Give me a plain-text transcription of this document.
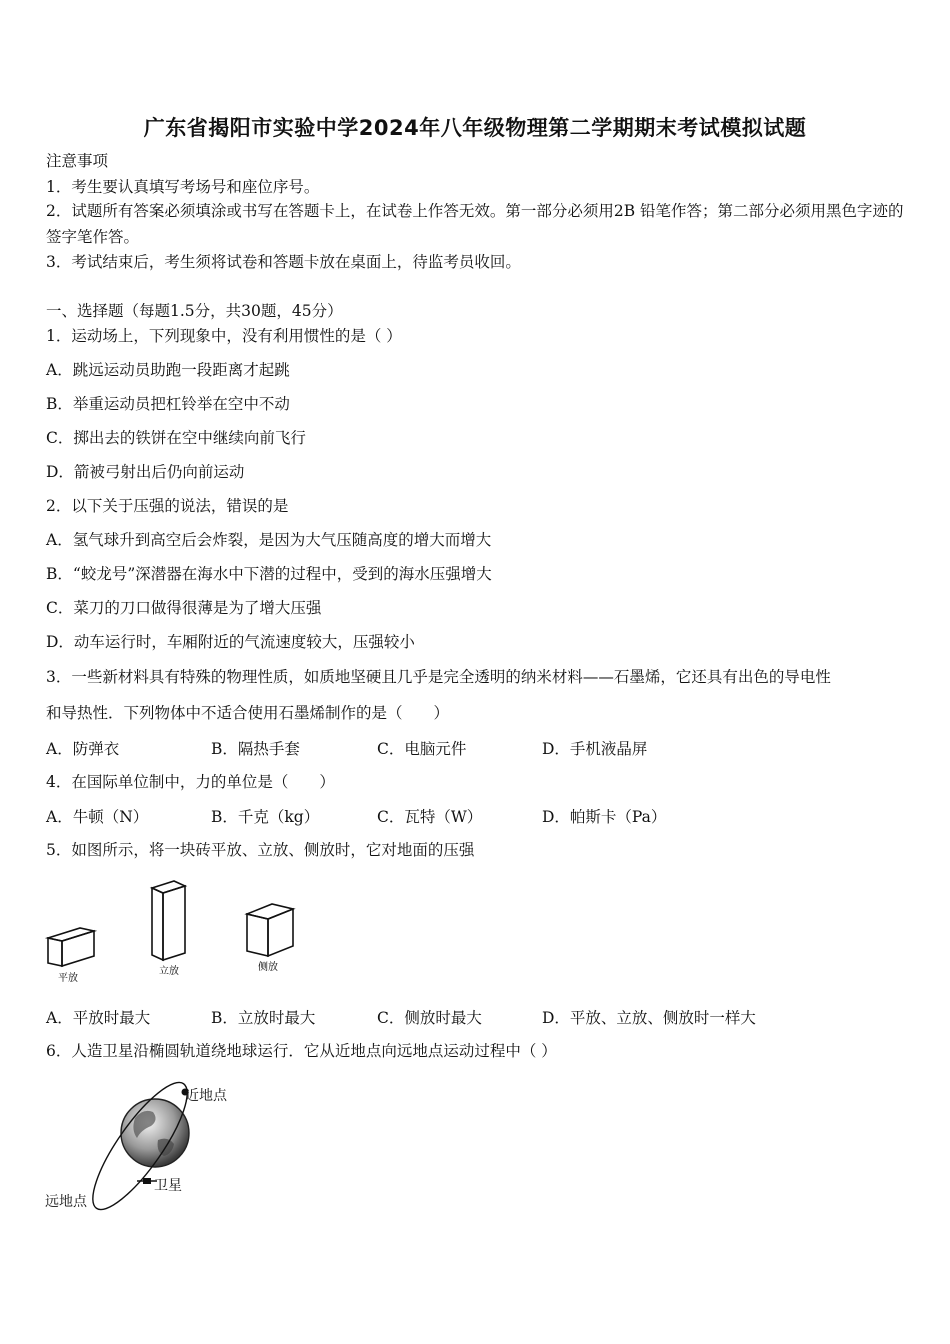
广东省揭阳市实验中学2024年八年级物理第二学期期末考试模拟试题
注意事项
1．考生要认真填写考场号和座位序号。
2．试题所有答案必须填涂或书写在答题卡上，在试卷上作答无效。第一部分必须用2B 铅笔作答；第二部分必须用黑色字迹的签字笔作答。
3．考试结束后，考生须将试卷和答题卡放在桌面上，待监考员收回。
一、选择题（每题1.5分，共30题，45分）
1．运动场上，下列现象中，没有利用惯性的是（ ）
A．跳远运动员助跑一段距离才起跳
B．举重运动员把杠铃举在空中不动
C．掷出去的铁饼在空中继续向前飞行
D．箭被弓射出后仍向前运动
2．以下关于压强的说法，错误的是
A．氢气球升到高空后会炸裂，是因为大气压随高度的增大而增大
B．“蛟龙号”深潜器在海水中下潜的过程中，受到的海水压强增大
C．菜刀的刀口做得很薄是为了增大压强
D．动车运行时，车厢附近的气流速度较大，压强较小
3．一些新材料具有特殊的物理性质，如质地坚硬且几乎是完全透明的纳米材料——石墨烯，它还具有出色的导电性
和导热性．下列物体中不适合使用石墨烯制作的是（　　）
A．防弹衣	B．隔热手套	C．电脑元件	D．手机液晶屏
4．在国际单位制中，力的单位是（　　）
A．牛顿（N）	B．千克（kg）	C．瓦特（W）	D．帕斯卡（Pa）
5．如图所示，将一块砖平放、立放、侧放时，它对地面的压强
平放
立放	侧放
A．平放时最大	B．立放时最大	C．侧放时最大	D．平放、立放、侧放时一样大
6．人造卫星沿椭圆轨道绕地球运行．它从近地点向远地点运动过程中（ ）
近地点
卫星
远地点
